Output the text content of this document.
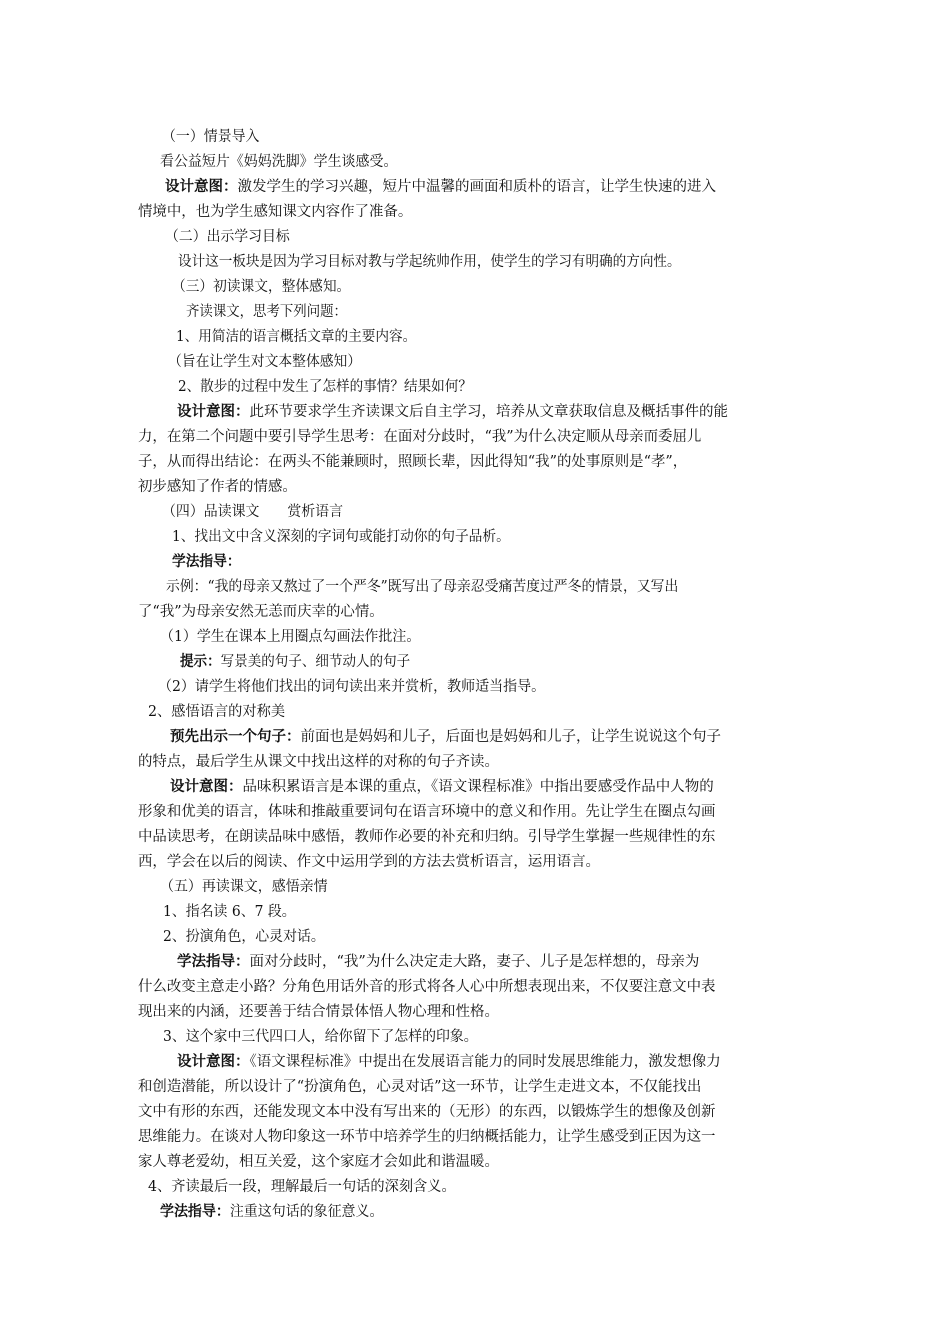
（一）情景导入
看公益短片《妈妈洗脚》学生谈感受。
设计意图：激发学生的学习兴趣，短片中温馨的画面和质朴的语言，让学生快速的进入
情境中，也为学生感知课文内容作了准备。
（二）出示学习目标
设计这一板块是因为学习目标对教与学起统帅作用，使学生的学习有明确的方向性。
（三）初读课文，整体感知。
齐读课文，思考下列问题：
1、用简洁的语言概括文章的主要内容。
（旨在让学生对文本整体感知）
2、散步的过程中发生了怎样的事情？结果如何？
设计意图：此环节要求学生齐读课文后自主学习，培养从文章获取信息及概括事件的能
力，在第二个问题中要引导学生思考：在面对分歧时，“我”为什么决定顺从母亲而委屈儿
子，从而得出结论：在两头不能兼顾时，照顾长辈，因此得知“我”的处事原则是“孝”，
初步感知了作者的情感。
（四）品读课文　　赏析语言
1、找出文中含义深刻的字词句或能打动你的句子品析。
学法指导：
示例：“我的母亲又熬过了一个严冬”既写出了母亲忍受痛苦度过严冬的情景，又写出
了“我”为母亲安然无恙而庆幸的心情。
（1）学生在课本上用圈点勾画法作批注。
提示：写景美的句子、细节动人的句子
（2）请学生将他们找出的词句读出来并赏析，教师适当指导。
2、感悟语言的对称美
预先出示一个句子：前面也是妈妈和儿子，后面也是妈妈和儿子，让学生说说这个句子
的特点，最后学生从课文中找出这样的对称的句子齐读。
设计意图：品味积累语言是本课的重点，《语文课程标准》中指出要感受作品中人物的
形象和优美的语言，体味和推敲重要词句在语言环境中的意义和作用。先让学生在圈点勾画
中品读思考，在朗读品味中感悟，教师作必要的补充和归纳。引导学生掌握一些规律性的东
西，学会在以后的阅读、作文中运用学到的方法去赏析语言，运用语言。
（五）再读课文，感悟亲情
1、指名读 6、7 段。
2、扮演角色，心灵对话。
学法指导：面对分歧时，“我”为什么决定走大路，妻子、儿子是怎样想的，母亲为
什么改变主意走小路？分角色用话外音的形式将各人心中所想表现出来，不仅要注意文中表
现出来的内涵，还要善于结合情景体悟人物心理和性格。
3、这个家中三代四口人，给你留下了怎样的印象。
设计意图：《语文课程标准》中提出在发展语言能力的同时发展思维能力，激发想像力
和创造潜能，所以设计了“扮演角色，心灵对话”这一环节，让学生走进文本，不仅能找出
文中有形的东西，还能发现文本中没有写出来的（无形）的东西，以锻炼学生的想像及创新
思维能力。在谈对人物印象这一环节中培养学生的归纳概括能力，让学生感受到正因为这一
家人尊老爱幼，相互关爱，这个家庭才会如此和谐温暖。
4、齐读最后一段，理解最后一句话的深刻含义。
学法指导：注重这句话的象征意义。
